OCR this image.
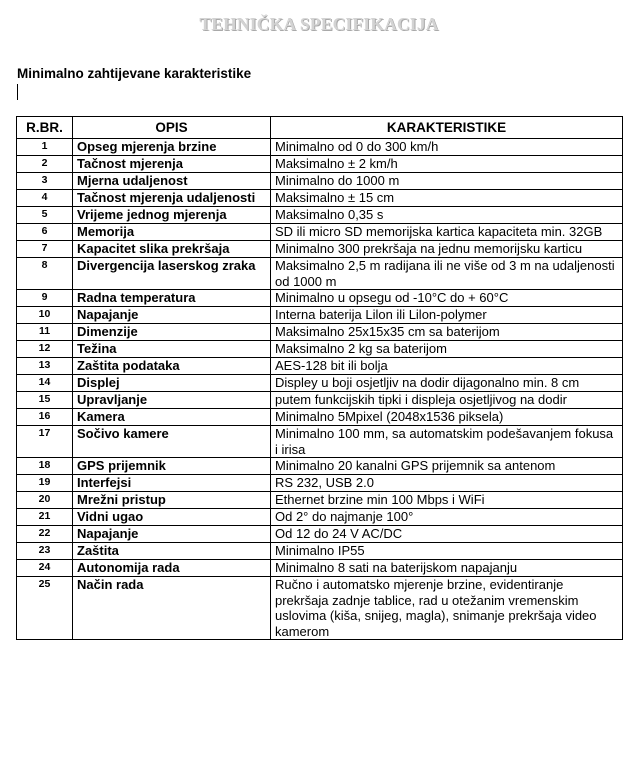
TEHNIČKA SPECIFIKACIJA
Minimalno zahtijevane karakteristike
R.BR.	OPIS	KARAKTERISTIKE
1	Opseg mjerenja brzine	Minimalno od 0 do 300 km/h
2	Tačnost mjerenja	Maksimalno ± 2 km/h
3	Mjerna udaljenost	Minimalno do 1000 m
4	Tačnost mjerenja udaljenosti	Maksimalno ± 15 cm
5	Vrijeme jednog mjerenja	Maksimalno 0,35 s
6	Memorija	SD ili micro SD memorijska kartica kapaciteta min. 32GB
7	Kapacitet slika prekršaja	Minimalno 300 prekršaja na jednu memorijsku karticu
8	Divergencija laserskog zraka	Maksimalno 2,5 m radijana ili ne više od 3 m na udaljenosti od 1000 m
9	Radna temperatura	Minimalno u opsegu od -10°C do + 60°C
10	Napajanje	Interna baterija Lilon ili Lilon-polymer
11	Dimenzije	Maksimalno 25x15x35 cm sa baterijom
12	Težina	Maksimalno 2 kg sa baterijom
13	Zaštita podataka	AES-128 bit ili bolja
14	Displej	Displey u boji osjetljiv na dodir dijagonalno min. 8 cm
15	Upravljanje	putem funkcijskih tipki i displeja osjetljivog na dodir
16	Kamera	Minimalno 5Mpixel (2048x1536 piksela)
17	Sočivo kamere	Minimalno 100 mm, sa automatskim podešavanjem fokusa i irisa
18	GPS prijemnik	Minimalno 20 kanalni GPS prijemnik sa antenom
19	Interfejsi	RS 232, USB 2.0
20	Mrežni pristup	Ethernet brzine min 100 Mbps i WiFi
21	Vidni ugao	Od 2° do najmanje 100°
22	Napajanje	Od 12 do 24 V AC/DC
23	Zaštita	Minimalno IP55
24	Autonomija rada	Minimalno 8 sati na baterijskom napajanju
25	Način rada	Ručno i automatsko mjerenje brzine, evidentiranje prekršaja zadnje tablice, rad u otežanim vremenskim uslovima (kiša, snijeg, magla), snimanje prekršaja video kamerom
